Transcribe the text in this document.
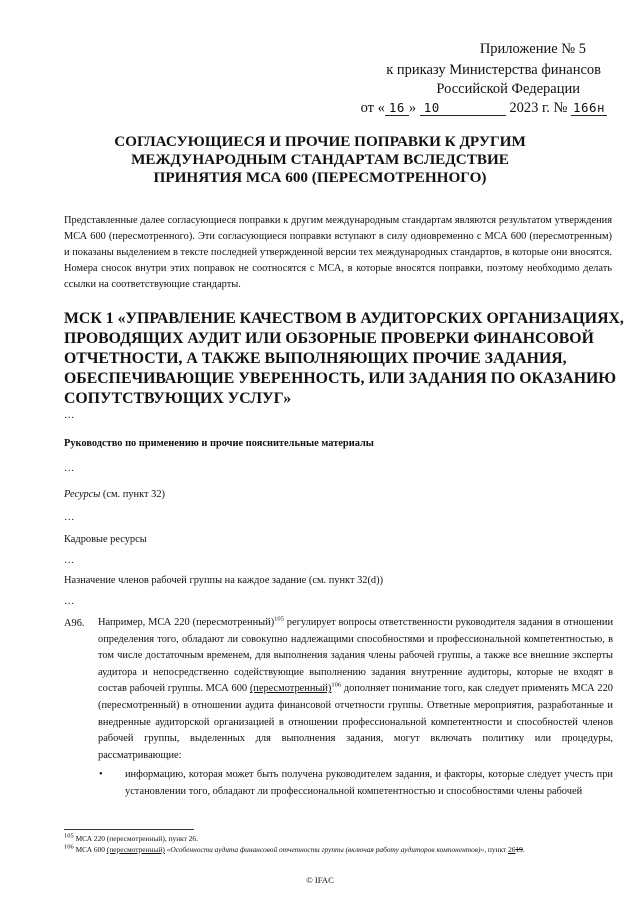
Приложение № 5
к приказу Министерства финансов
Российской Федерации
от « 16 » 10	2023 г. № 166н
СОГЛАСУЮЩИЕСЯ И ПРОЧИЕ ПОПРАВКИ К ДРУГИМ
МЕЖДУНАРОДНЫМ СТАНДАРТАМ ВСЛЕДСТВИЕ
ПРИНЯТИЯ МСА 600 (ПЕРЕСМОТРЕННОГО)
Представленные далее согласующиеся поправки к другим международным стандартам являются результатом утверждения МСА 600 (пересмотренного). Эти согласующиеся поправки вступают в силу одновременно с МСА 600 (пересмотренным) и показаны выделением в тексте последней утвержденной версии тех международных стандартов, в которые они вносятся. Номера сносок внутри этих поправок не соотносятся с МСА, в которые вносятся поправки, поэтому необходимо делать ссылки на соответствующие стандарты.
МСК 1 «УПРАВЛЕНИЕ КАЧЕСТВОМ В АУДИТОРСКИХ ОРГАНИЗАЦИЯХ,
ПРОВОДЯЩИХ АУДИТ ИЛИ ОБЗОРНЫЕ ПРОВЕРКИ ФИНАНСОВОЙ
ОТЧЕТНОСТИ, А ТАКЖЕ ВЫПОЛНЯЮЩИХ ПРОЧИЕ ЗАДАНИЯ,
ОБЕСПЕЧИВАЮЩИЕ УВЕРЕННОСТЬ, ИЛИ ЗАДАНИЯ ПО ОКАЗАНИЮ
СОПУТСТВУЮЩИХ УСЛУГ»
…
Руководство по применению и прочие пояснительные материалы
…
Ресурсы (см. пункт 32)
…
Кадровые ресурсы
…
Назначение членов рабочей группы на каждое задание (см. пункт 32(d))
…
A96.	Например, МСА 220 (пересмотренный)$^{105}$ регулирует вопросы ответственности руководителя задания в отношении определения того, обладают ли совокупно надлежащими способностями и профессиональной компетентностью, в том числе достаточным временем, для выполнения задания члены рабочей группы, а также все внешние эксперты аудитора и непосредственно содействующие выполнению задания внутренние аудиторы, которые не входят в состав рабочей группы. МСА 600 (пересмотренный)$^{106}$ дополняет понимание того, как следует применять МСА 220 (пересмотренный) в отношении аудита финансовой отчетности группы. Ответные мероприятия, разработанные и внедренные аудиторской организацией в отношении профессиональной компетентности и способностей членов рабочей группы, выделенных для выполнения задания, могут включать политику или процедуры, рассматривающие:
• информацию, которая может быть получена руководителем задания, и факторы, которые следует учесть при установлении того, обладают ли профессиональной компетентностью и способностями члены рабочей
$^{105}$ МСА 220 (пересмотренный), пункт 26.
$^{106}$ МСА 600 (пересмотренный) «Особенности аудита финансовой отчетности группы (включая работу аудиторов компонентов)», пункт 2619.
© IFAC
